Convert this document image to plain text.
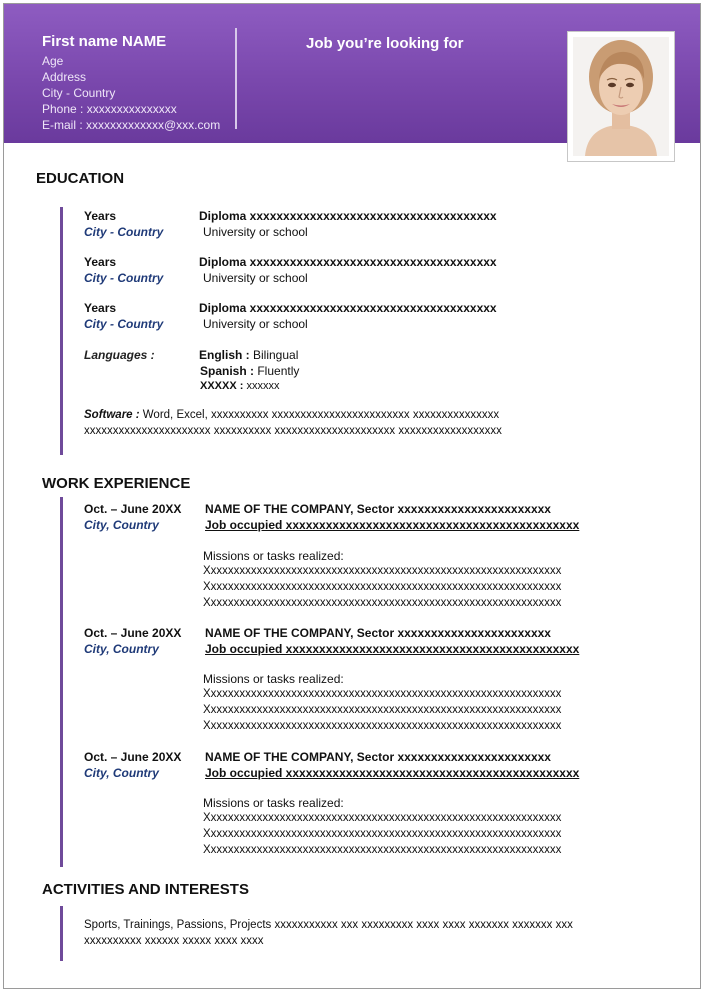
First name NAME
Age
Address
City - Country
Phone : xxxxxxxxxxxxxxx
E-mail : xxxxxxxxxxxxx@xxx.com
Job you’re looking for
EDUCATION
Years	Diploma xxxxxxxxxxxxxxxxxxxxxxxxxxxxxxxxxxxxx
City - Country	University or school
Years	Diploma xxxxxxxxxxxxxxxxxxxxxxxxxxxxxxxxxxxxx
City - Country	University or school
Years	Diploma xxxxxxxxxxxxxxxxxxxxxxxxxxxxxxxxxxxxx
City - Country	University or school
Languages :	English : Bilingual
Spanish : Fluently
XXXXX : xxxxxx
Software : Word, Excel, xxxxxxxxxx xxxxxxxxxxxxxxxxxxxxxxxx xxxxxxxxxxxxxxx
xxxxxxxxxxxxxxxxxxxxxx xxxxxxxxxx xxxxxxxxxxxxxxxxxxxxx xxxxxxxxxxxxxxxxxx
WORK EXPERIENCE
Oct. – June 20XX NAME OF THE COMPANY, Sector xxxxxxxxxxxxxxxxxxxxxxx
City, Country	Job occupied xxxxxxxxxxxxxxxxxxxxxxxxxxxxxxxxxxxxxxxxxxxx
Missions or tasks realized:
Xxxxxxxxxxxxxxxxxxxxxxxxxxxxxxxxxxxxxxxxxxxxxxxxxxxxxxxxxxxxxx
Xxxxxxxxxxxxxxxxxxxxxxxxxxxxxxxxxxxxxxxxxxxxxxxxxxxxxxxxxxxxxx
Xxxxxxxxxxxxxxxxxxxxxxxxxxxxxxxxxxxxxxxxxxxxxxxxxxxxxxxxxxxxxx
Oct. – June 20XX NAME OF THE COMPANY, Sector xxxxxxxxxxxxxxxxxxxxxxx
City, Country	Job occupied xxxxxxxxxxxxxxxxxxxxxxxxxxxxxxxxxxxxxxxxxxxx
Missions or tasks realized:
Xxxxxxxxxxxxxxxxxxxxxxxxxxxxxxxxxxxxxxxxxxxxxxxxxxxxxxxxxxxxxx
Xxxxxxxxxxxxxxxxxxxxxxxxxxxxxxxxxxxxxxxxxxxxxxxxxxxxxxxxxxxxxx
Xxxxxxxxxxxxxxxxxxxxxxxxxxxxxxxxxxxxxxxxxxxxxxxxxxxxxxxxxxxxxx
Oct. – June 20XX NAME OF THE COMPANY, Sector xxxxxxxxxxxxxxxxxxxxxxx
City, Country	Job occupied xxxxxxxxxxxxxxxxxxxxxxxxxxxxxxxxxxxxxxxxxxxx
Missions or tasks realized:
Xxxxxxxxxxxxxxxxxxxxxxxxxxxxxxxxxxxxxxxxxxxxxxxxxxxxxxxxxxxxxx
Xxxxxxxxxxxxxxxxxxxxxxxxxxxxxxxxxxxxxxxxxxxxxxxxxxxxxxxxxxxxxx
Xxxxxxxxxxxxxxxxxxxxxxxxxxxxxxxxxxxxxxxxxxxxxxxxxxxxxxxxxxxxxx
ACTIVITIES AND INTERESTS
Sports, Trainings, Passions, Projects xxxxxxxxxxx xxx xxxxxxxxx xxxx xxxx xxxxxxx xxxxxxx xxx
xxxxxxxxxx xxxxxx xxxxx xxxx xxxx
